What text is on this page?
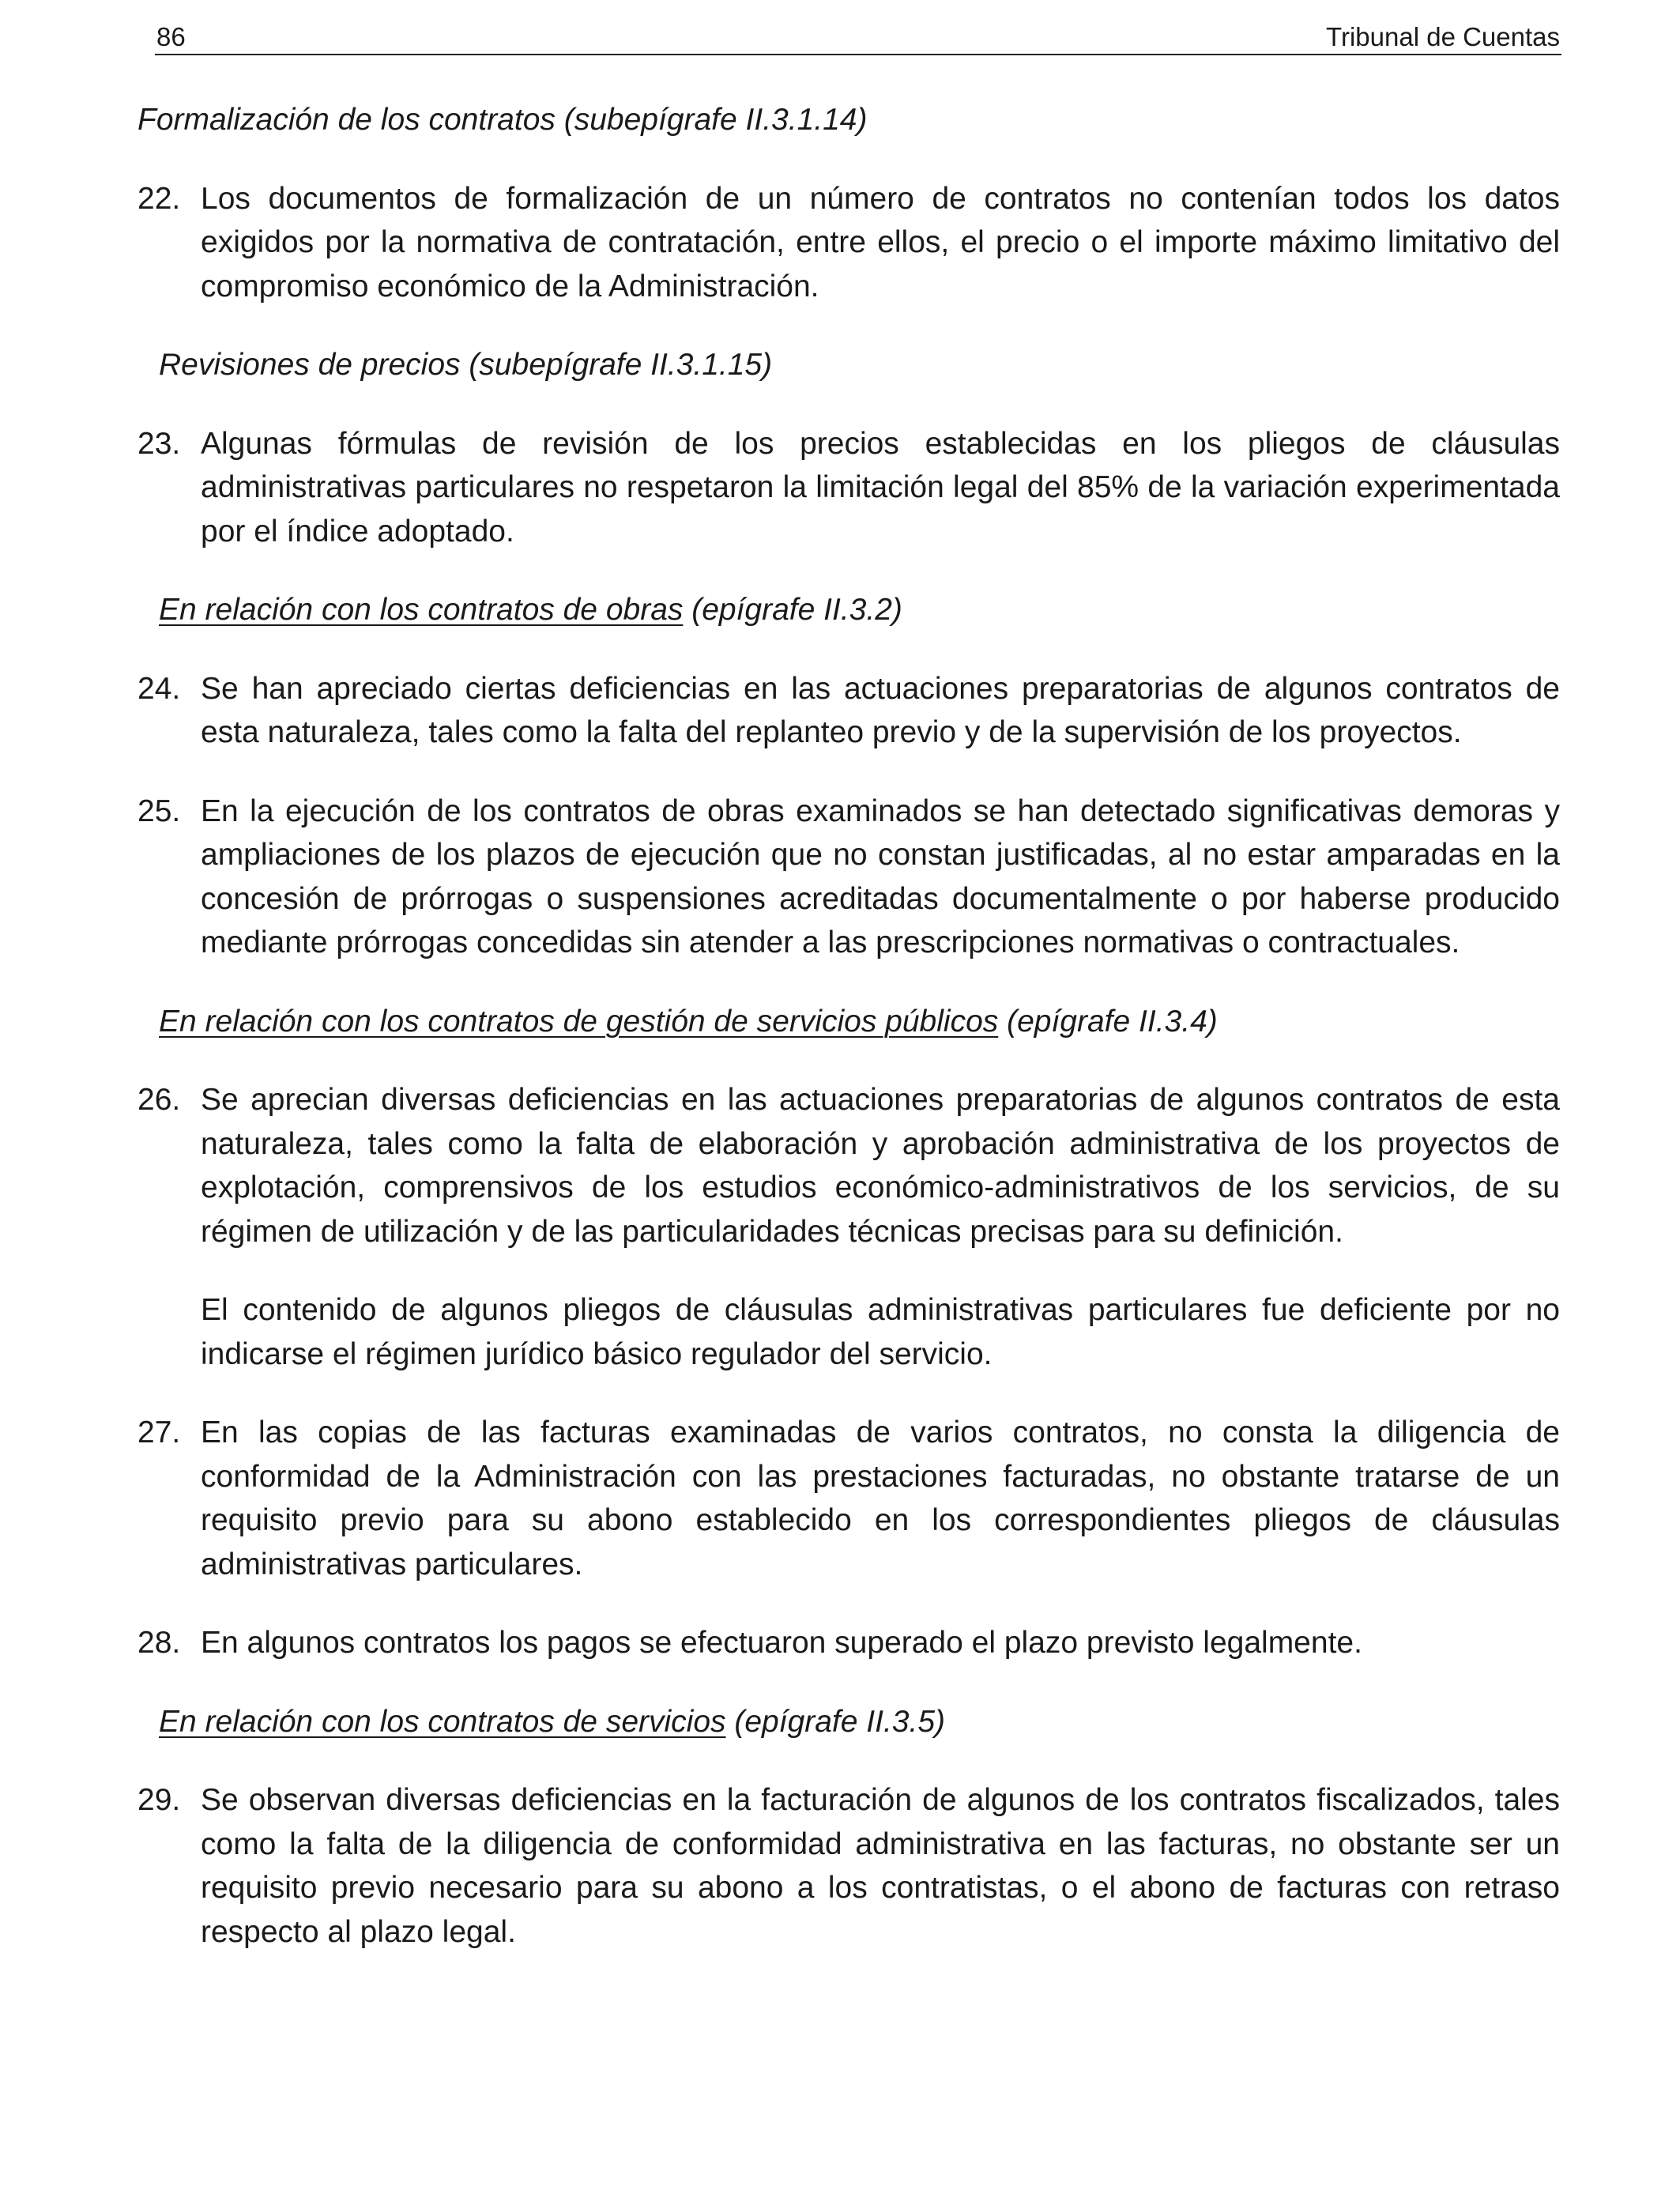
86	Tribunal de Cuentas
Formalización de los contratos (subepígrafe II.3.1.14)
22. Los documentos de formalización de un número de contratos no contenían todos los datos exigidos por la normativa de contratación, entre ellos, el precio o el importe máximo limitativo del compromiso económico de la Administración.

Revisiones de precios (subepígrafe II.3.1.15)
23. Algunas fórmulas de revisión de los precios establecidas en los pliegos de cláusulas administrativas particulares no respetaron la limitación legal del 85% de la variación experimentada por el índice adoptado.

En relación con los contratos de obras (epígrafe II.3.2)
24. Se han apreciado ciertas deficiencias en las actuaciones preparatorias de algunos contratos de esta naturaleza, tales como la falta del replanteo previo y de la supervisión de los proyectos.

25. En la ejecución de los contratos de obras examinados se han detectado significativas demoras y ampliaciones de los plazos de ejecución que no constan justificadas, al no estar amparadas en la concesión de prórrogas o suspensiones acreditadas documentalmente o por haberse producido mediante prórrogas concedidas sin atender a las prescripciones normativas o contractuales.

En relación con los contratos de gestión de servicios públicos (epígrafe II.3.4)
26. Se aprecian diversas deficiencias en las actuaciones preparatorias de algunos contratos de esta naturaleza, tales como la falta de elaboración y aprobación administrativa de los proyectos de explotación, comprensivos de los estudios económico-administrativos de los servicios, de su régimen de utilización y de las particularidades técnicas precisas para su definición.

El contenido de algunos pliegos de cláusulas administrativas particulares fue deficiente por no indicarse el régimen jurídico básico regulador del servicio.

27. En las copias de las facturas examinadas de varios contratos, no consta la diligencia de conformidad de la Administración con las prestaciones facturadas, no obstante tratarse de un requisito previo para su abono establecido en los correspondientes pliegos de cláusulas administrativas particulares.

28. En algunos contratos los pagos se efectuaron superado el plazo previsto legalmente.

En relación con los contratos de servicios (epígrafe II.3.5)
29. Se observan diversas deficiencias en la facturación de algunos de los contratos fiscalizados, tales como la falta de la diligencia de conformidad administrativa en las facturas, no obstante ser un requisito previo necesario para su abono a los contratistas, o el abono de facturas con retraso respecto al plazo legal.
